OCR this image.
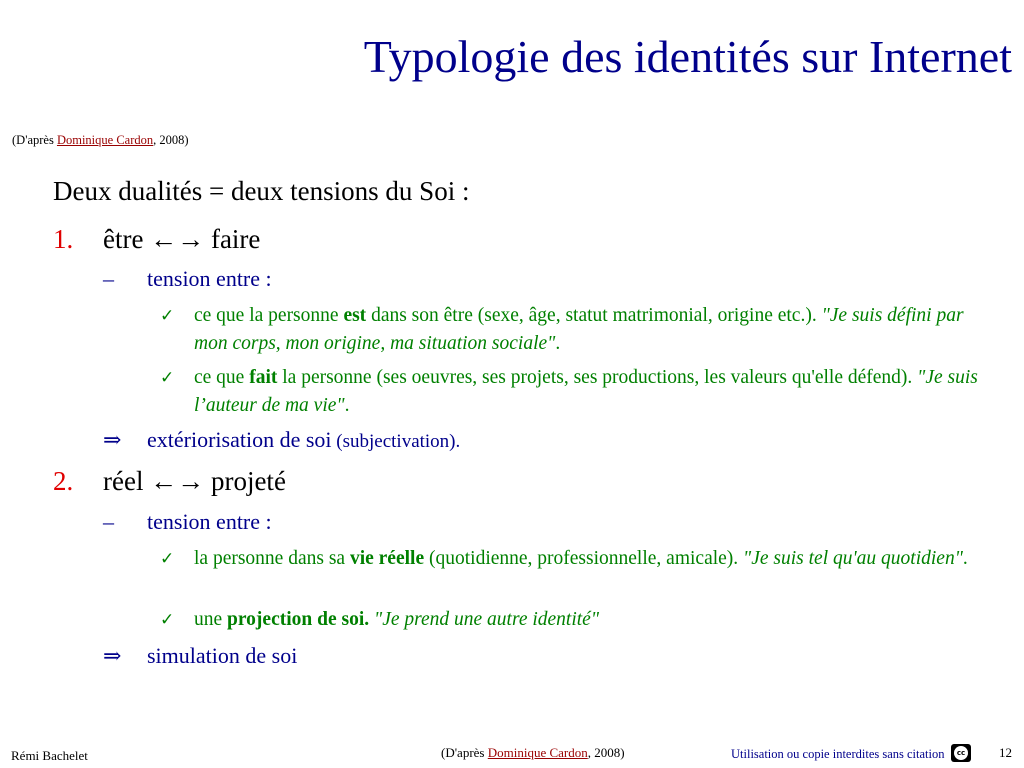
Typologie des identités sur Internet
(D'après Dominique Cardon, 2008)
Deux dualités = deux tensions du Soi :
1. être ←→ faire
– tension entre :
✓ ce que la personne est dans son être (sexe, âge, statut matrimonial, origine etc.). "Je suis défini par mon corps, mon origine, ma situation sociale".
✓ ce que fait la personne (ses oeuvres, ses projets, ses productions, les valeurs qu'elle défend). "Je suis l’auteur de ma vie".
⇒ extériorisation de soi (subjectivation).
2. réel ←→ projeté
– tension entre :
✓ la personne dans sa vie réelle (quotidienne, professionnelle, amicale). "Je suis tel qu'au quotidien".
✓ une projection de soi. "Je prend une autre identité"
⇒ simulation de soi
Rémi Bachelet	(D'après Dominique Cardon, 2008)	Utilisation ou copie interdites sans citation	cc	12
